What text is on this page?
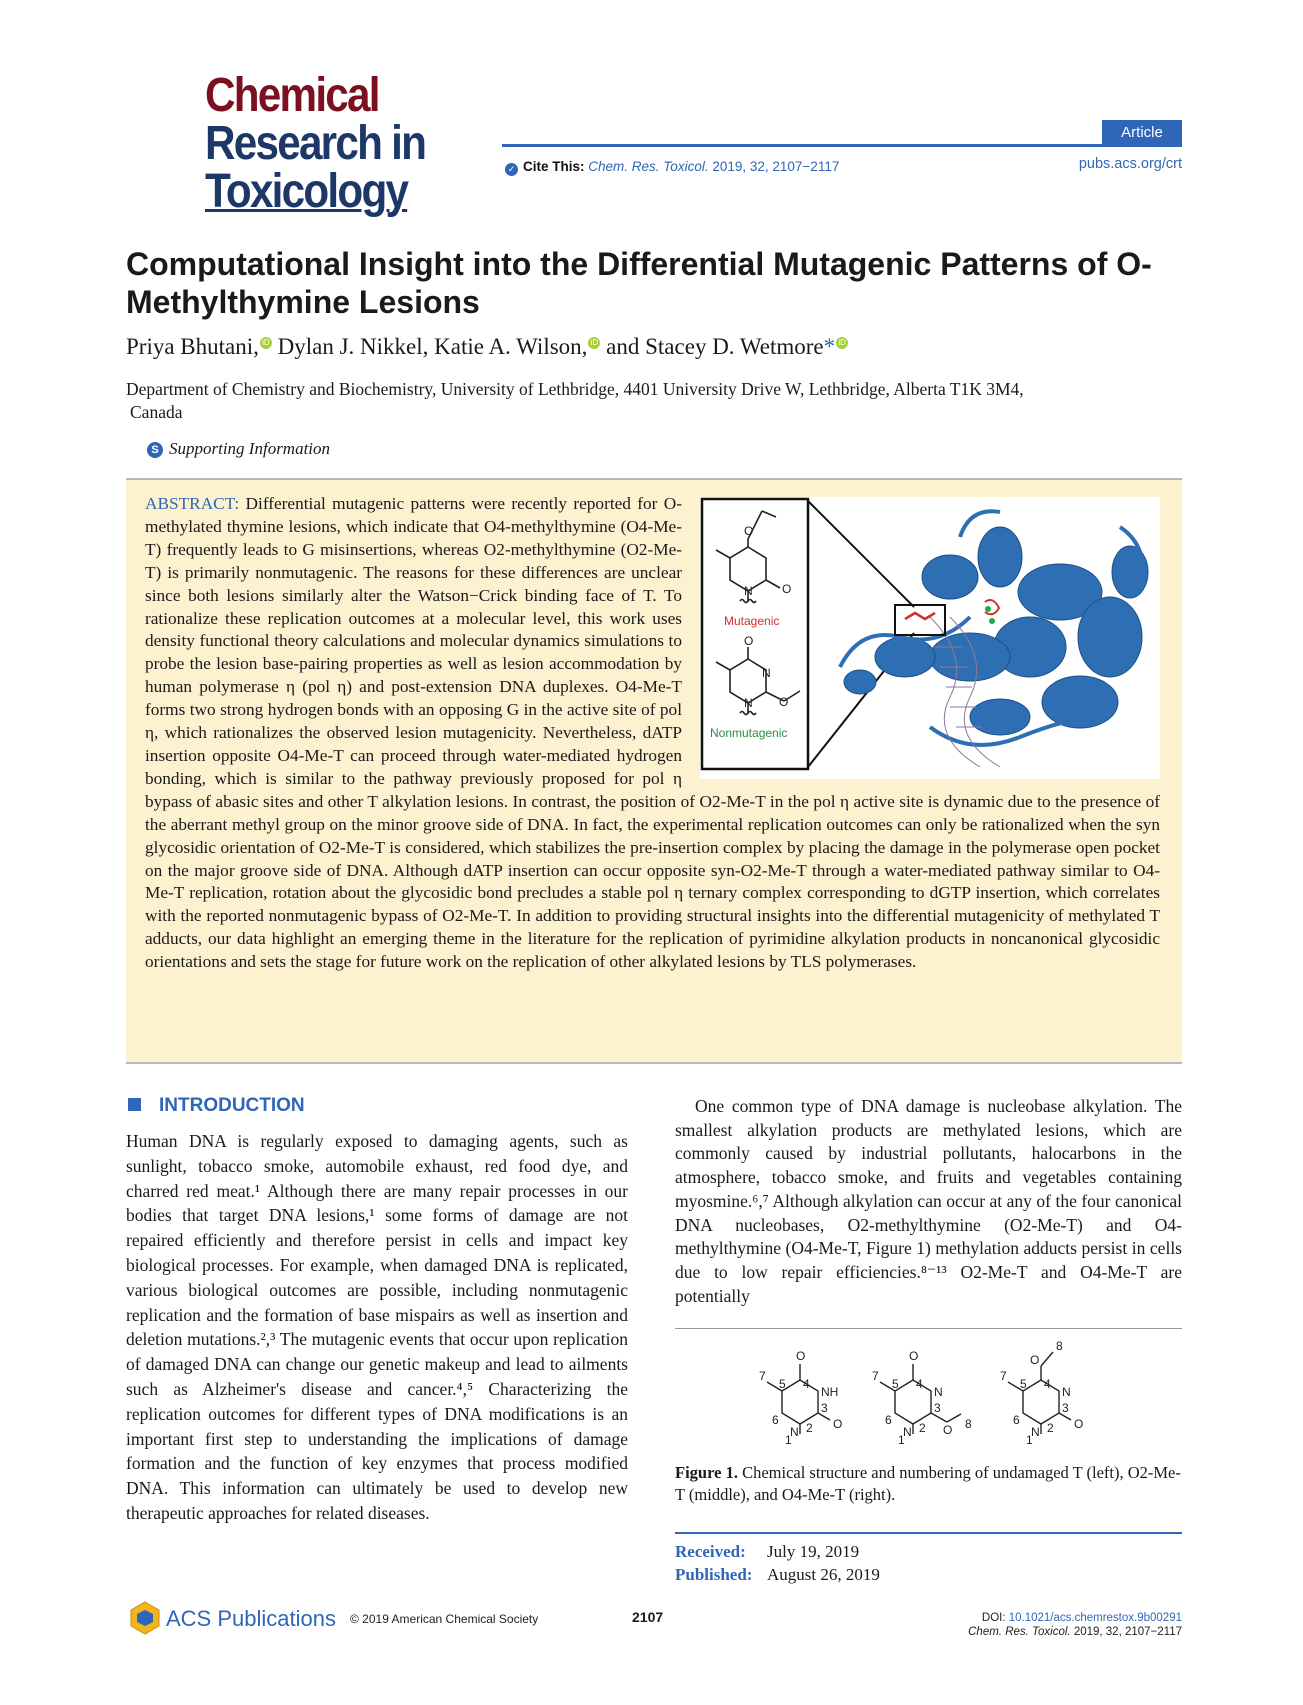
Chemical
Research in
Toxicology
Article
✓ Cite This: Chem. Res. Toxicol. 2019, 32, 2107−2117	pubs.acs.org/crt
Computational Insight into the Differential Mutagenic Patterns of O-Methylthymine Lesions
Priya Bhutani, iD Dylan J. Nikkel, Katie A. Wilson, iD and Stacey D. Wetmore* iD
Department of Chemistry and Biochemistry, University of Lethbridge, 4401 University Drive W, Lethbridge, Alberta T1K 3M4,
Canada
S Supporting Information
O
N O
Mutagenic
O
N
N O
Nonmutagenic
ABSTRACT: Differential mutagenic patterns were recently reported for O-methylated thymine lesions, which indicate that O4-methylthymine (O4-Me-T) frequently leads to G misinsertions, whereas O2-methylthymine (O2-Me-T) is primarily nonmutagenic. The reasons for these differences are unclear since both lesions similarly alter the Watson−Crick binding face of T. To rationalize these replication outcomes at a molecular level, this work uses density functional theory calculations and molecular dynamics simulations to probe the lesion base-pairing properties as well as lesion accommodation by human polymerase η (pol η) and post-extension DNA duplexes. O4-Me-T forms two strong hydrogen bonds with an opposing G in the active site of pol η, which rationalizes the observed lesion mutagenicity. Nevertheless, dATP insertion opposite O4-Me-T can proceed through water-mediated hydrogen bonding, which is similar to the pathway previously proposed for pol η bypass of abasic sites and other T alkylation lesions. In contrast, the position of O2-Me-T in the pol η active site is dynamic due to the presence of the aberrant methyl group on the minor groove side of DNA. In fact, the experimental replication outcomes can only be rationalized when the syn glycosidic orientation of O2-Me-T is considered, which stabilizes the pre-insertion complex by placing the damage in the polymerase open pocket on the major groove side of DNA. Although dATP insertion can occur opposite syn-O2-Me-T through a water-mediated pathway similar to O4-Me-T replication, rotation about the glycosidic bond precludes a stable pol η ternary complex corresponding to dGTP insertion, which correlates with the reported nonmutagenic bypass of O2-Me-T. In addition to providing structural insights into the differential mutagenicity of methylated T adducts, our data highlight an emerging theme in the literature for the replication of pyrimidine alkylation products in noncanonical glycosidic orientations and sets the stage for future work on the replication of other alkylated lesions by TLS polymerases.
INTRODUCTION

Human DNA is regularly exposed to damaging agents, such as sunlight, tobacco smoke, automobile exhaust, red food dye, and charred red meat.¹ Although there are many repair processes in our bodies that target DNA lesions,¹ some forms of damage are not repaired efficiently and therefore persist in cells and impact key biological processes. For example, when damaged DNA is replicated, various biological outcomes are possible, including nonmutagenic replication and the formation of base mispairs as well as insertion and deletion mutations.²,³ The mutagenic events that occur upon replication of damaged DNA can change our genetic makeup and lead to ailments such as Alzheimer's disease and cancer.⁴,⁵ Characterizing the replication outcomes for different types of DNA modifications is an important first step to understanding the implications of damage formation and the function of key enzymes that process modified DNA. This information can ultimately be used to develop new therapeutic approaches for related diseases.

One common type of DNA damage is nucleobase alkylation. The smallest alkylation products are methylated lesions, which are commonly caused by industrial pollutants, halocarbons in the atmosphere, tobacco smoke, and fruits and vegetables containing myosmine.⁶,⁷ Although alkylation can occur at any of the four canonical DNA nucleobases, O2-methylthymine (O2-Me-T) and O4-methylthymine (O4-Me-T, Figure 1) methylation adducts persist in cells due to low repair efficiencies.⁸⁻¹³ O2-Me-T and O4-Me-T are potentially

O
4
NH
3
O
2
N
1
6
5
7
O
4
N
3
O 8
2
N
1
6
5
7
O
8
4
N
3
O
2
N
1
6
5
7
Figure 1. Chemical structure and numbering of undamaged T (left), O2-Me-T (middle), and O4-Me-T (right).
Received: July 19, 2019
Published: August 26, 2019
ACS Publications © 2019 American Chemical Society	2107	DOI: 10.1021/acs.chemrestox.9b00291
Chem. Res. Toxicol. 2019, 32, 2107−2117
